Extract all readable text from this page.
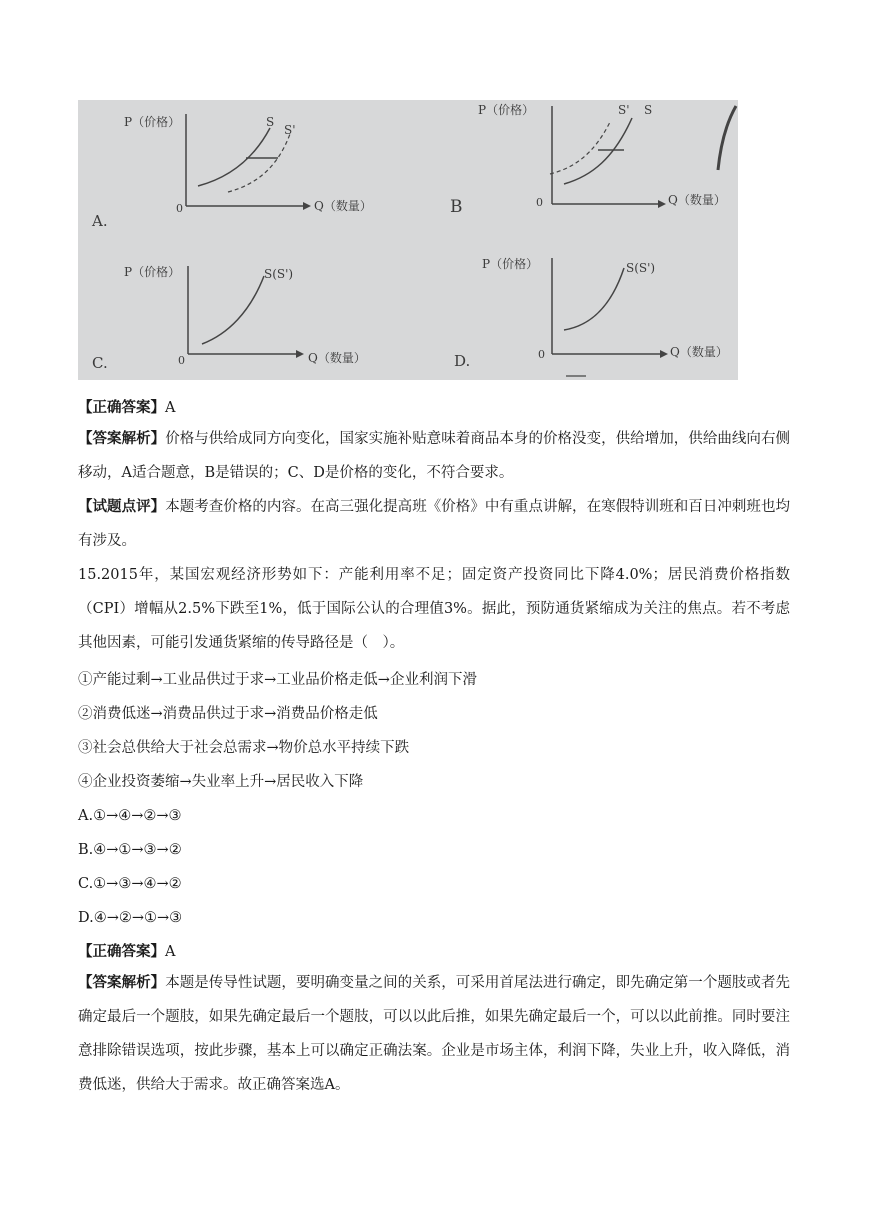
P（价格）	S
S'
0	Q（数量）
A.
P（价格）	S' S
0	Q（数量）
B
P（价格）	S(S')
0	Q（数量）
C.
P（价格）	S(S')
0	Q（数量）
D.
【正确答案】A
【答案解析】价格与供给成同方向变化，国家实施补贴意味着商品本身的价格没变，供给增加，供给曲线向右侧移动，A适合题意，B是错误的；C、D是价格的变化，不符合要求。
【试题点评】本题考查价格的内容。在高三强化提高班《价格》中有重点讲解，在寒假特训班和百日冲刺班也均有涉及。
15.2015年，某国宏观经济形势如下：产能利用率不足；固定资产投资同比下降4.0%；居民消费价格指数（CPI）增幅从2.5%下跌至1%，低于国际公认的合理值3%。据此，预防通货紧缩成为关注的焦点。若不考虑其他因素，可能引发通货紧缩的传导路径是（　）。
①产能过剩→工业品供过于求→工业品价格走低→企业利润下滑
②消费低迷→消费品供过于求→消费品价格走低
③社会总供给大于社会总需求→物价总水平持续下跌
④企业投资萎缩→失业率上升→居民收入下降
A.①→④→②→③
B.④→①→③→②
C.①→③→④→②
D.④→②→①→③
【正确答案】A
【答案解析】本题是传导性试题，要明确变量之间的关系，可采用首尾法进行确定，即先确定第一个题肢或者先确定最后一个题肢，如果先确定最后一个题肢，可以以此后推，如果先确定最后一个，可以以此前推。同时要注意排除错误选项，按此步骤，基本上可以确定正确法案。企业是市场主体，利润下降，失业上升，收入降低，消费低迷，供给大于需求。故正确答案选A。
